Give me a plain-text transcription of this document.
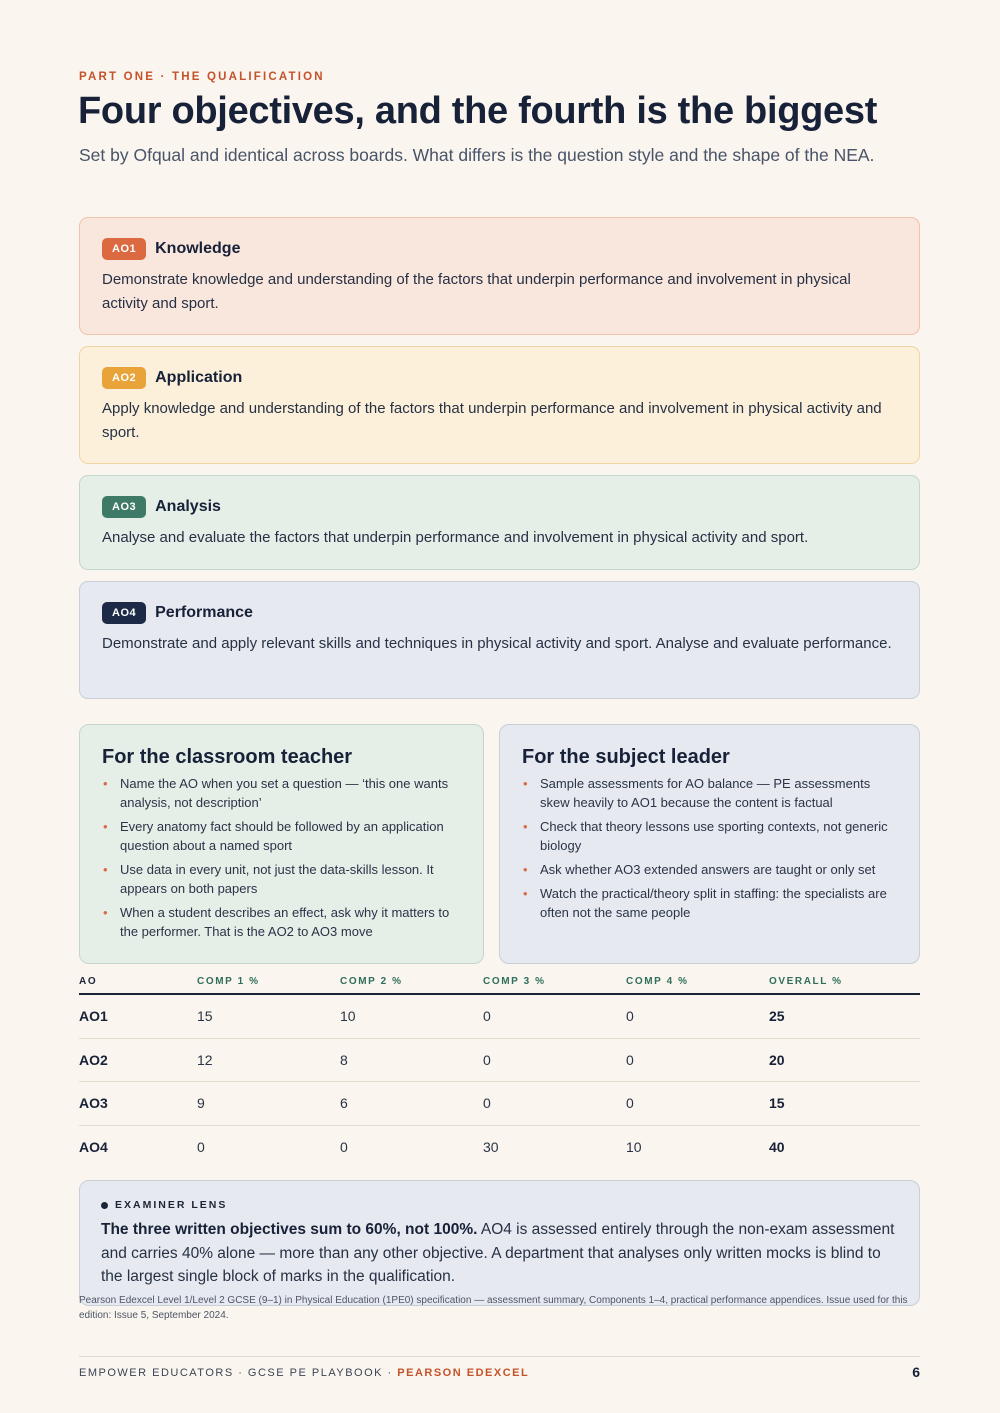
PART ONE · THE QUALIFICATION
Four objectives, and the fourth is the biggest

Set by Ofqual and identical across boards. What differs is the question style and the shape of the NEA.

AO1	Knowledge

Demonstrate knowledge and understanding of the factors that underpin performance and involvement in physical activity and sport.

AO2	Application

Apply knowledge and understanding of the factors that underpin performance and involvement in physical activity and sport.

AO3	Analysis

Analyse and evaluate the factors that underpin performance and involvement in physical activity and sport.

AO4	Performance

Demonstrate and apply relevant skills and techniques in physical activity and sport. Analyse and evaluate performance.

For the classroom teacher
• Name the AO when you set a question — ‘this one wants analysis, not description’
• Every anatomy fact should be followed by an application question about a named sport
• Use data in every unit, not just the data-skills lesson. It appears on both papers
• When a student describes an effect, ask why it matters to the performer. That is the AO2 to AO3 move
For the subject leader
• Sample assessments for AO balance — PE assessments skew heavily to AO1 because the content is factual
• Check that theory lessons use sporting contexts, not generic biology
• Ask whether AO3 extended answers are taught or only set
• Watch the practical/theory split in staffing: the specialists are often not the same people
AO	COMP 1 %	COMP 2 %	COMP 3 %	COMP 4 %	OVERALL %
AO1	15	10	0	0	25
AO2	12	8	0	0	20
AO3	9	6	0	0	15
AO4	0	0	30	10	40
EXAMINER LENS

The three written objectives sum to 60%, not 100%. AO4 is assessed entirely through the non-exam assessment and carries 40% alone — more than any other objective. A department that analyses only written mocks is blind to the largest single block of marks in the qualification.

Pearson Edexcel Level 1/Level 2 GCSE (9–1) in Physical Education (1PE0) specification — assessment summary, Components 1–4, practical performance appendices. Issue used for this edition: Issue 5, September 2024.

EMPOWER EDUCATORS · GCSE PE PLAYBOOK · PEARSON EDEXCEL	6
